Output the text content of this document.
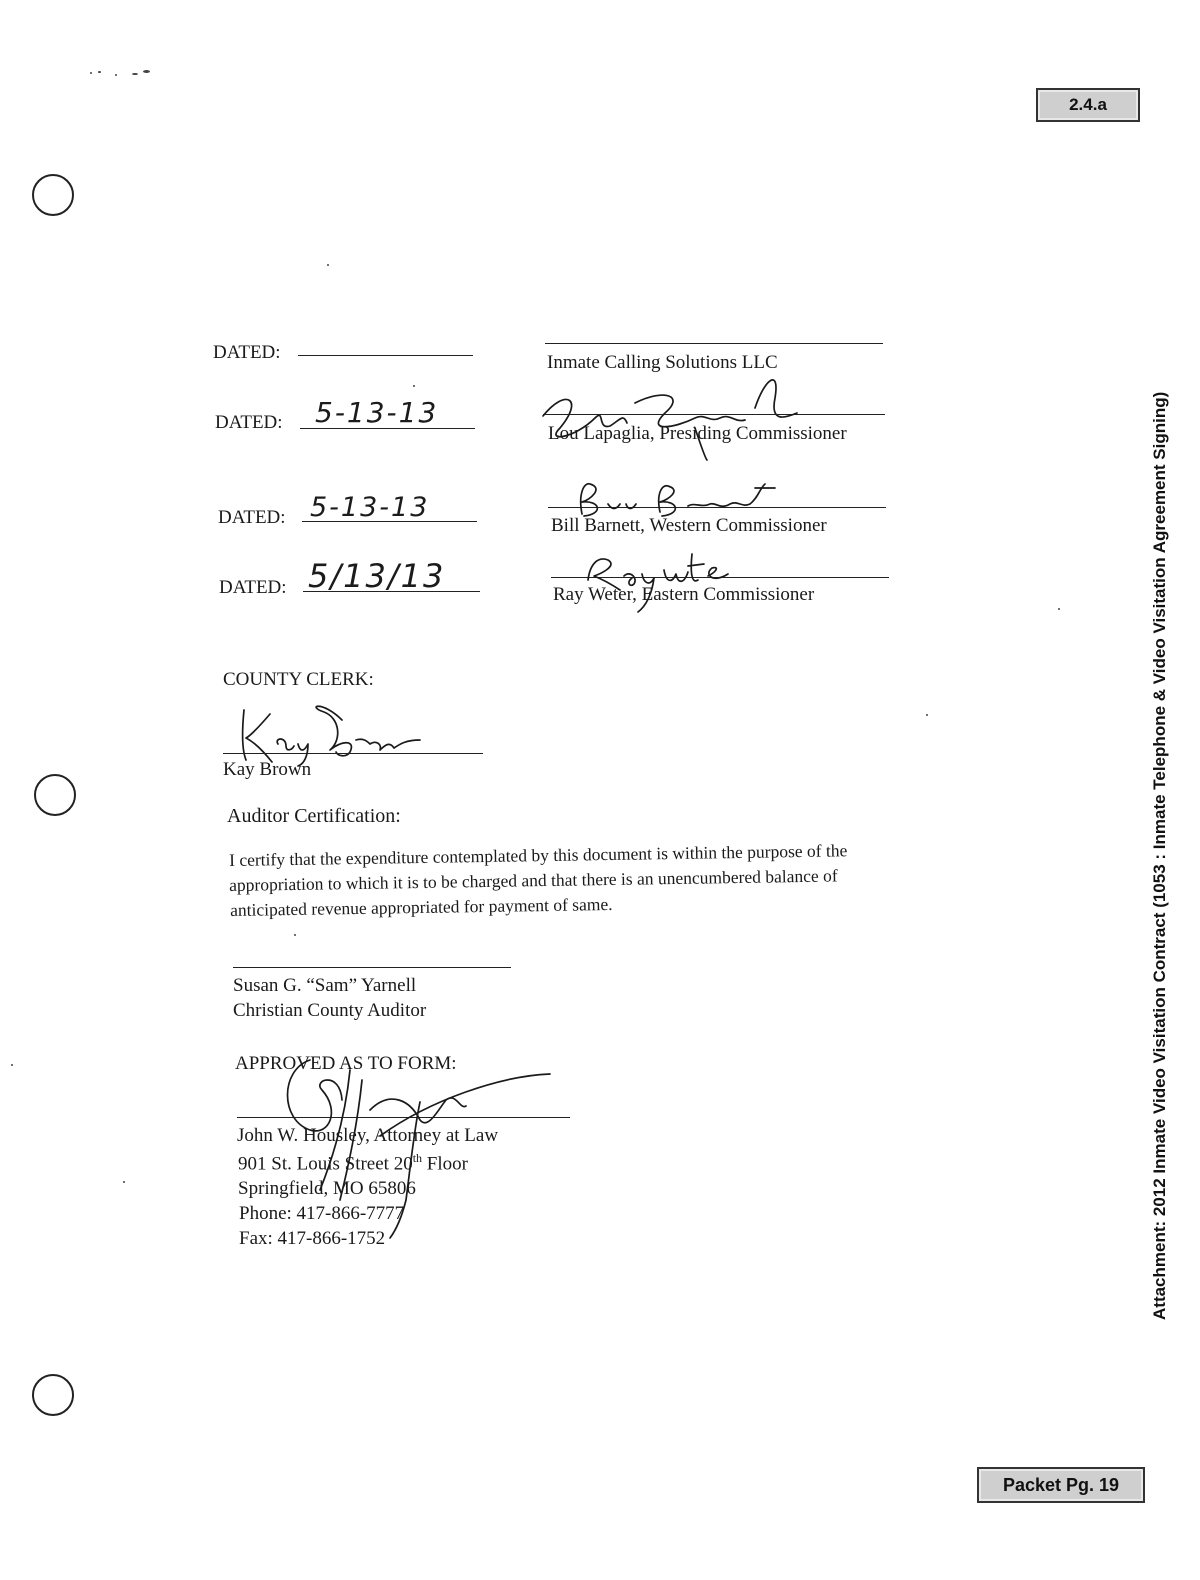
2.4.a
DATED:	Inmate Calling Solutions LLC
DATED: 5-13-13
Lou Lapaglia, Presiding Commissioner
DATED: 5-13-13
Bill Barnett, Western Commissioner
DATED: 5/13/13	Ray Weter, Eastern Commissioner
COUNTY CLERK:
Kay Brown
Auditor Certification:
I certify that the expenditure contemplated by this document is within the purpose of the
appropriation to which it is to be charged and that there is an unencumbered balance of
anticipated revenue appropriated for payment of same.
Susan G. “Sam” Yarnell
Christian County Auditor
APPROVED AS TO FORM:
John W. Housley, Attorney at Law
901 St. Louis Street 20th Floor
Springfield, MO 65806
Phone: 417-866-7777
Fax: 417-866-1752	Attachment: 2012 Inmate Video Visitation Contract (1053 : Inmate Telephone & Video Visitation Agreement Signing)
Packet Pg. 19
